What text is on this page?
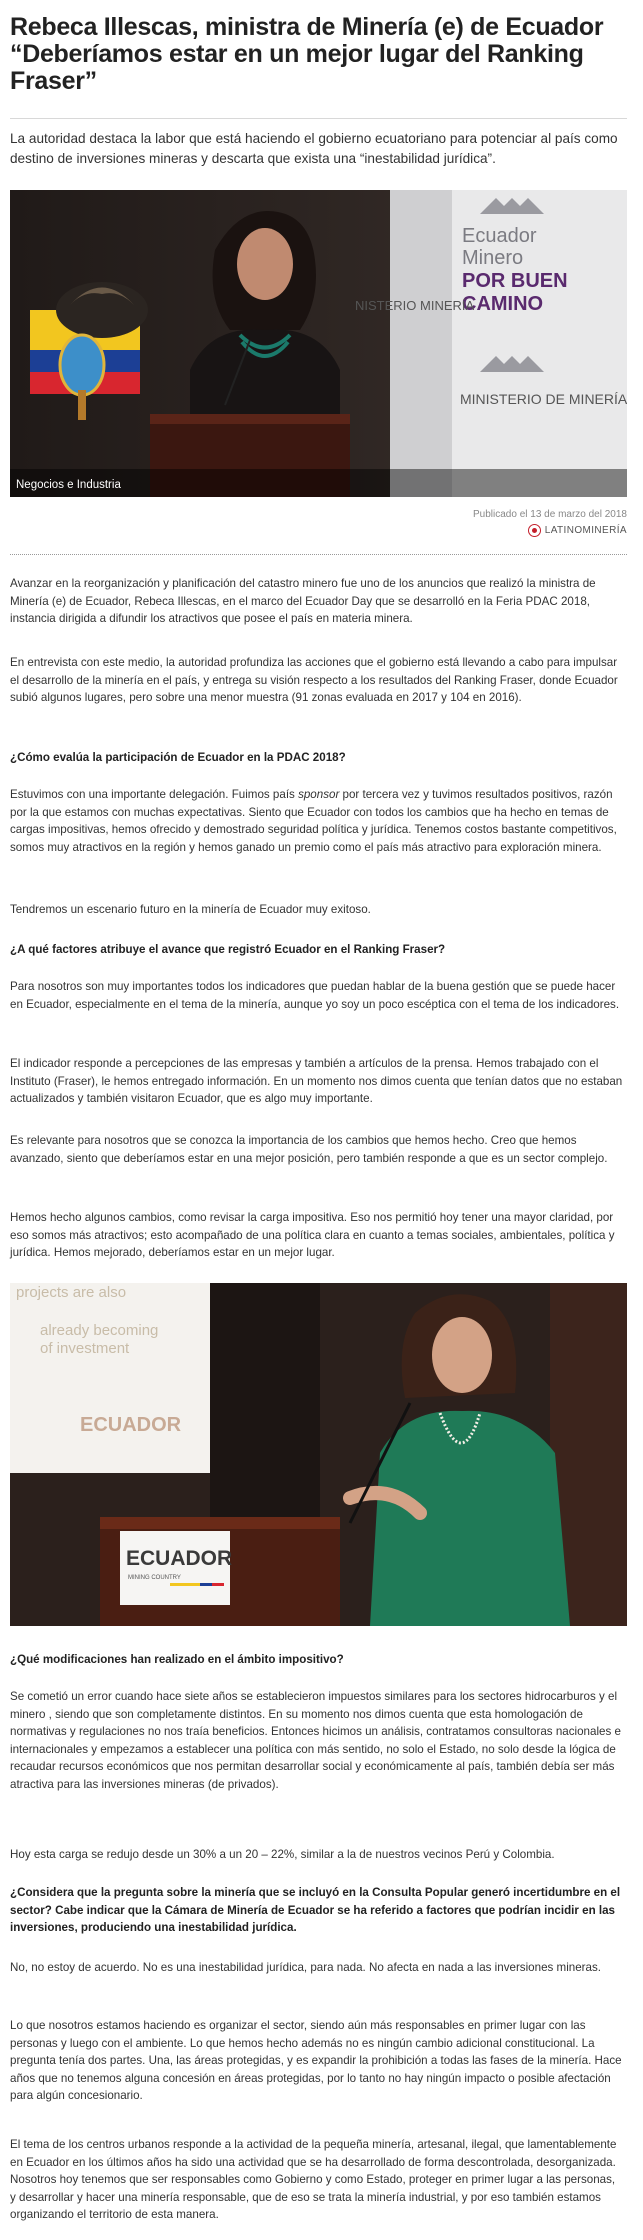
Rebeca Illescas, ministra de Minería (e) de Ecuador “Deberíamos estar en un mejor lugar del Ranking Fraser”

La autoridad destaca la labor que está haciendo el gobierno ecuatoriano para potenciar al país como destino de inversiones mineras y descarta que exista una “inestabilidad jurídica”.

Ecuador
Minero
POR BUEN
CAMINO
MINISTERIO DE MINERÍA
NISTERIO MINERÍA
Negocios e Industria
Publicado el 13 de marzo del 2018
LATINOMINERÍA

Avanzar en la reorganización y planificación del catastro minero fue uno de los anuncios que realizó la ministra de Minería (e) de Ecuador, Rebeca Illescas, en el marco del Ecuador Day que se desarrolló en la Feria PDAC 2018, instancia dirigida a difundir los atractivos que posee el país en materia minera.

En entrevista con este medio, la autoridad profundiza las acciones que el gobierno está llevando a cabo para impulsar el desarrollo de la minería en el país, y entrega su visión respecto a los resultados del Ranking Fraser, donde Ecuador subió algunos lugares, pero sobre una menor muestra (91 zonas evaluada en 2017 y 104 en 2016).

¿Cómo evalúa la participación de Ecuador en la PDAC 2018?

Estuvimos con una importante delegación. Fuimos país sponsor por tercera vez y tuvimos resultados positivos, razón por la que estamos con muchas expectativas. Siento que Ecuador con todos los cambios que ha hecho en temas de cargas impositivas, hemos ofrecido y demostrado seguridad política y jurídica. Tenemos costos bastante competitivos, somos muy atractivos en la región y hemos ganado un premio como el país más atractivo para exploración minera.

Tendremos un escenario futuro en la minería de Ecuador muy exitoso.

¿A qué factores atribuye el avance que registró Ecuador en el Ranking Fraser?

Para nosotros son muy importantes todos los indicadores que puedan hablar de la buena gestión que se puede hacer en Ecuador, especialmente en el tema de la minería, aunque yo soy un poco escéptica con el tema de los indicadores.

El indicador responde a percepciones de las empresas y también a artículos de la prensa. Hemos trabajado con el Instituto (Fraser), le hemos entregado información. En un momento nos dimos cuenta que tenían datos que no estaban actualizados y también visitaron Ecuador, que es algo muy importante.

Es relevante para nosotros que se conozca la importancia de los cambios que hemos hecho. Creo que hemos avanzado, siento que deberíamos estar en una mejor posición, pero también responde a que es un sector complejo.

Hemos hecho algunos cambios, como revisar la carga impositiva. Eso nos permitió hoy tener una mayor claridad, por eso somos más atractivos; esto acompañado de una política clara en cuanto a temas sociales, ambientales, política y jurídica. Hemos mejorado, deberíamos estar en un mejor lugar.

projects are also
already becoming
of investment
ECUADOR
ECUADOR
MINING COUNTRY

¿Qué modificaciones han realizado en el ámbito impositivo?

Se cometió un error cuando hace siete años se establecieron impuestos similares para los sectores hidrocarburos y el minero , siendo que son completamente distintos. En su momento nos dimos cuenta que esta homologación de normativas y regulaciones no nos traía beneficios. Entonces hicimos un análisis, contratamos consultoras nacionales e internacionales y empezamos a establecer una política con más sentido, no solo el Estado, no solo desde la lógica de recaudar recursos económicos que nos permitan desarrollar social y económicamente al país, también debía ser más atractiva para las inversiones mineras (de privados).

Hoy esta carga se redujo desde un 30% a un 20 – 22%, similar a la de nuestros vecinos Perú y Colombia.

¿Considera que la pregunta sobre la minería que se incluyó en la Consulta Popular generó incertidumbre en el sector? Cabe indicar que la Cámara de Minería de Ecuador se ha referido a factores que podrían incidir en las inversiones, produciendo una inestabilidad jurídica.

No, no estoy de acuerdo. No es una inestabilidad jurídica, para nada. No afecta en nada a las inversiones mineras.

Lo que nosotros estamos haciendo es organizar el sector, siendo aún más responsables en primer lugar con las personas y luego con el ambiente. Lo que hemos hecho además no es ningún cambio adicional constitucional. La pregunta tenía dos partes. Una, las áreas protegidas, y es expandir la prohibición a todas las fases de la minería. Hace años que no tenemos alguna concesión en áreas protegidas, por lo tanto no hay ningún impacto o posible afectación para algún concesionario.

El tema de los centros urbanos responde a la actividad de la pequeña minería, artesanal, ilegal, que lamentablemente en Ecuador en los últimos años ha sido una actividad que se ha desarrollado de forma descontrolada, desorganizada. Nosotros hoy tenemos que ser responsables como Gobierno y como Estado, proteger en primer lugar a las personas, y desarrollar y hacer una minería responsable, que de eso se trata la minería industrial, y por eso también estamos organizando el territorio de esta manera.
